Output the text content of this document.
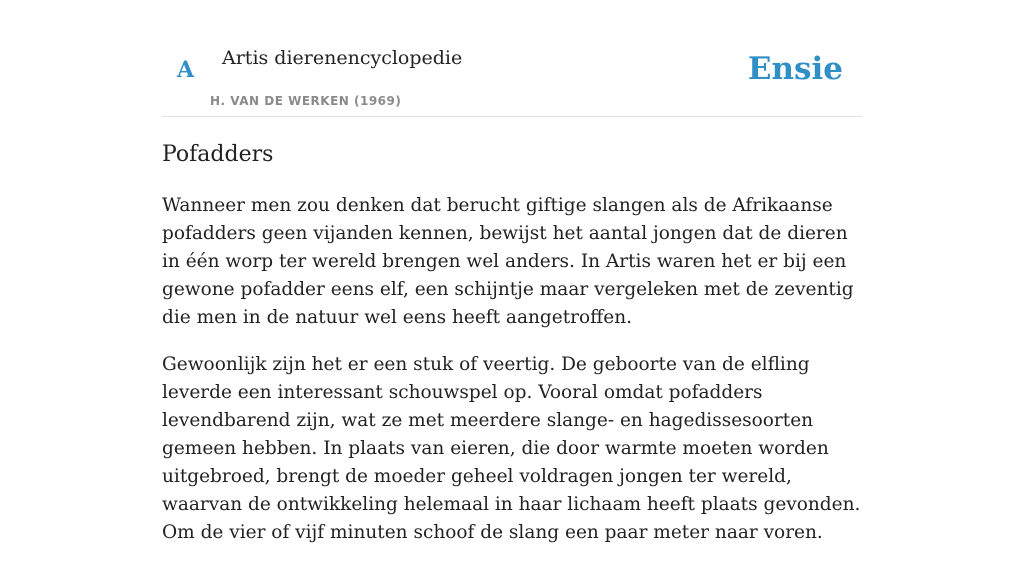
A Artis dierenencyclopedie
H. VAN DE WERKEN (1969)
Ensie
Pofadders

Wanneer men zou denken dat berucht giftige slangen als de Afrikaanse pofadders geen vijanden kennen, bewijst het aantal jongen dat de dieren in één worp ter wereld brengen wel anders. In Artis waren het er bij een gewone pofadder eens elf, een schijntje maar vergeleken met de zeventig die men in de natuur wel eens heeft aangetroffen.

Gewoonlijk zijn het er een stuk of veertig. De geboorte van de elfling leverde een interessant schouwspel op. Vooral omdat pofadders levendbarend zijn, wat ze met meerdere slange- en hagedissesoorten gemeen hebben. In plaats van eieren, die door warmte moeten worden uitgebroed, brengt de moeder geheel voldragen jongen ter wereld, waarvan de ontwikkeling helemaal in haar lichaam heeft plaats gevonden. Om de vier of vijf minuten schoof de slang een paar meter naar voren.
